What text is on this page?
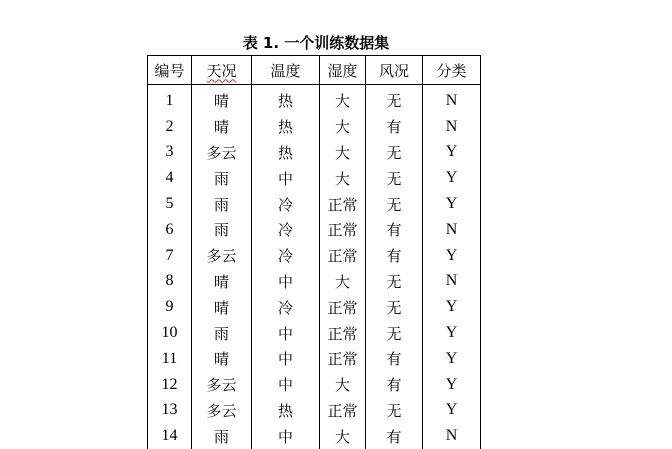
表 1. 一个训练数据集
编号	天况	温度	湿度	风况	分类
1	晴	热	大	无	N
2	晴	热	大	有	N
3	多云	热	大	无	Y
4	雨	中	大	无	Y
5	雨	冷	正常	无	Y
6	雨	冷	正常	有	N
7	多云	冷	正常	有	Y
8	晴	中	大	无	N
9	晴	冷	正常	无	Y
10	雨	中	正常	无	Y
11	晴	中	正常	有	Y
12	多云	中	大	有	Y
13	多云	热	正常	无	Y
14	雨	中	大	有	N
